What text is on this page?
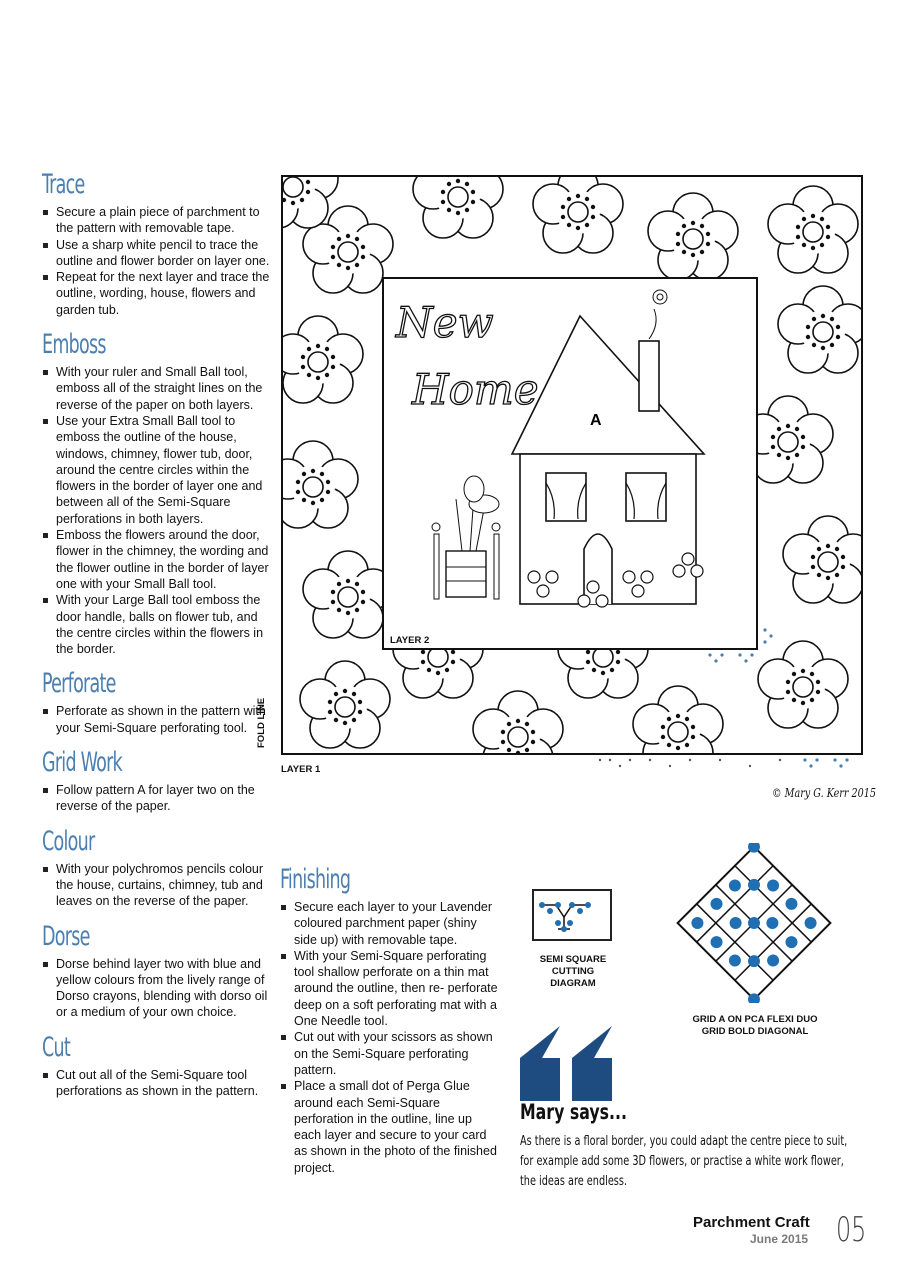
Trace
Secure a plain piece of parchment to the pattern with removable tape.
Use a sharp white pencil to trace the outline and flower border on layer one.
Repeat for the next layer and trace the outline, wording, house, flowers and garden tub.
Emboss
With your ruler and Small Ball tool, emboss all of the straight lines on the reverse of the paper on both layers.
Use your Extra Small Ball tool to emboss the outline of the house, windows, chimney, flower tub, door, around the centre circles within the flowers in the border of layer one and between all of the Semi-Square perforations in both layers.
Emboss the flowers around the door, flower in the chimney, the wording and the flower outline in the border of layer one with your Small Ball tool.
With your Large Ball tool emboss the door handle, balls on flower tub, and the centre circles within the flowers in the border.
Perforate
Perforate as shown in the pattern with your Semi-Square perforating tool.
Grid Work
Follow pattern A for layer two on the reverse of the paper.
Colour
With your polychromos pencils colour the house, curtains, chimney, tub and leaves on the reverse of the paper.
Dorse
Dorse behind layer two with blue and yellow colours from the lively range of Dorso crayons, blending with dorso oil or a medium of your own choice.
Cut
Cut out all of the Semi-Square tool perforations as shown in the pattern.
New
Home
A
LAYER 2
LAYER 1
FOLD LINE
© Mary G. Kerr 2015
Finishing
Secure each layer to your Lavender coloured parchment paper (shiny side up) with removable tape.
With your Semi-Square perforating tool shallow perforate on a thin mat around the outline, then re- perforate deep on a soft perforating mat with a One Needle tool.
Cut out with your scissors as shown on the Semi-Square perforating pattern.
Place a small dot of Perga Glue around each Semi-Square perforation in the outline, line up each layer and secure to your card as shown in the photo of the finished project.
SEMI SQUARE
CUTTING DIAGRAM
GRID A ON PCA FLEXI DUO
GRID BOLD DIAGONAL
Mary says...
As there is a floral border, you could adapt the centre piece to suit, for example add some 3D flowers, or practise a white work flower, the ideas are endless.
Parchment Craft
June 2015 05
